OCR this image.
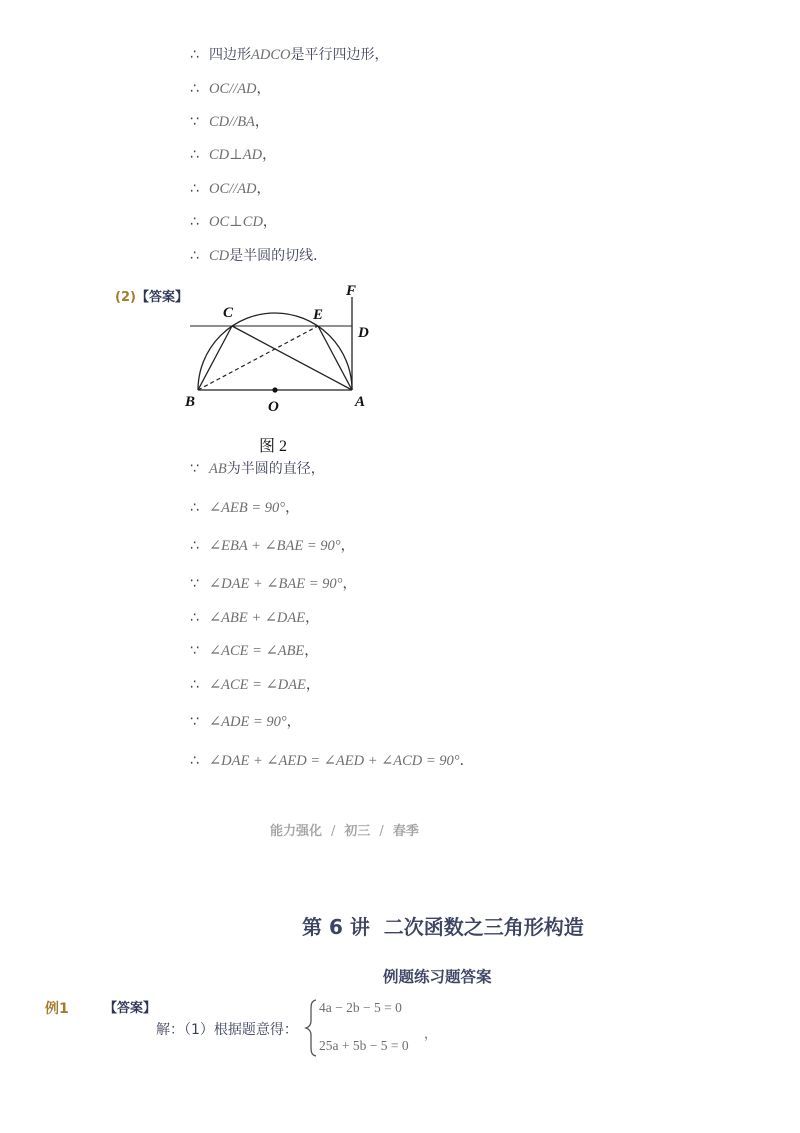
∴ 四边形ADCO是平行四边形，
∴ OC//AD，
∵ CD//BA，
∴ CD⊥AD，
∴ OC//AD，
∴ OC⊥CD，
∴ CD是半圆的切线．
(2)【答案】	F
D
C	E
B	O	A
图 2
∵ AB为半圆的直径，
∴ ∠AEB = 90°，
∴ ∠EBA + ∠BAE = 90°，
∵ ∠DAE + ∠BAE = 90°，
∴ ∠ABE + ∠DAE，
∵ ∠ACE = ∠ABE，
∴ ∠ACE = ∠DAE，
∵ ∠ADE = 90°，
∴ ∠DAE + ∠AED = ∠AED + ∠ACD = 90°．
能力强化 / 初三 / 春季
第 6 讲  二次函数之三角形构造
例题练习题答案
例1	【答案】
解：（1）根据题意得：
4a − 2b − 5 = 0
25a + 5b − 5 = 0
，
